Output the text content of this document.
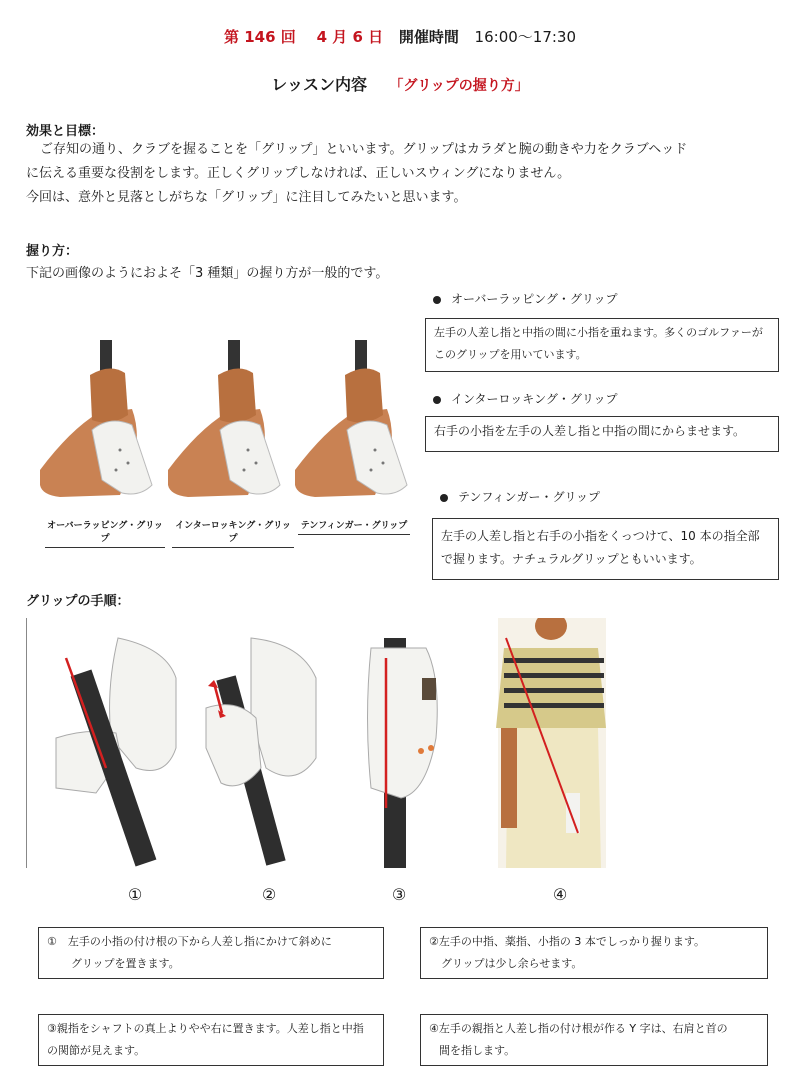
第 146 回 4 月 6 日 開催時間 16:00～17:30
レッスン内容 「グリップの握り方」
効果と目標：
ご存知の通り、クラブを握ることを「グリップ」といいます。グリップはカラダと腕の動きや力をクラブヘッド
に伝える重要な役割をします。正しくグリップしなければ、正しいスウィングになりません。
今回は、意外と見落としがちな「グリップ」に注目してみたいと思います。
握り方：
下記の画像のようにおよそ「3 種類」の握り方が一般的です。
オーバーラッピング・グリップ
インターロッキング・グリップ
テンフィンガー・グリップ
オーバーラッピング・グリップ
左手の人差し指と中指の間に小指を重ねます。多くのゴルファーが
このグリップを用いています。
インターロッキング・グリップ
右手の小指を左手の人差し指と中指の間にからませます。
テンフィンガー・グリップ
左手の人差し指と右手の小指をくっつけて、10 本の指全部
で握ります。ナチュラルグリップともいいます。
グリップの手順：
①	②	③	④
①　左手の小指の付け根の下から人差し指にかけて斜めに
グリップを置きます。
②左手の中指、薬指、小指の 3 本でしっかり握ります。
グリップは少し余らせます。
③親指をシャフトの真上よりやや右に置きます。人差し指と中指
の関節が見えます。
④左手の親指と人差し指の付け根が作る Y 字は、右肩と首の
間を指します。
